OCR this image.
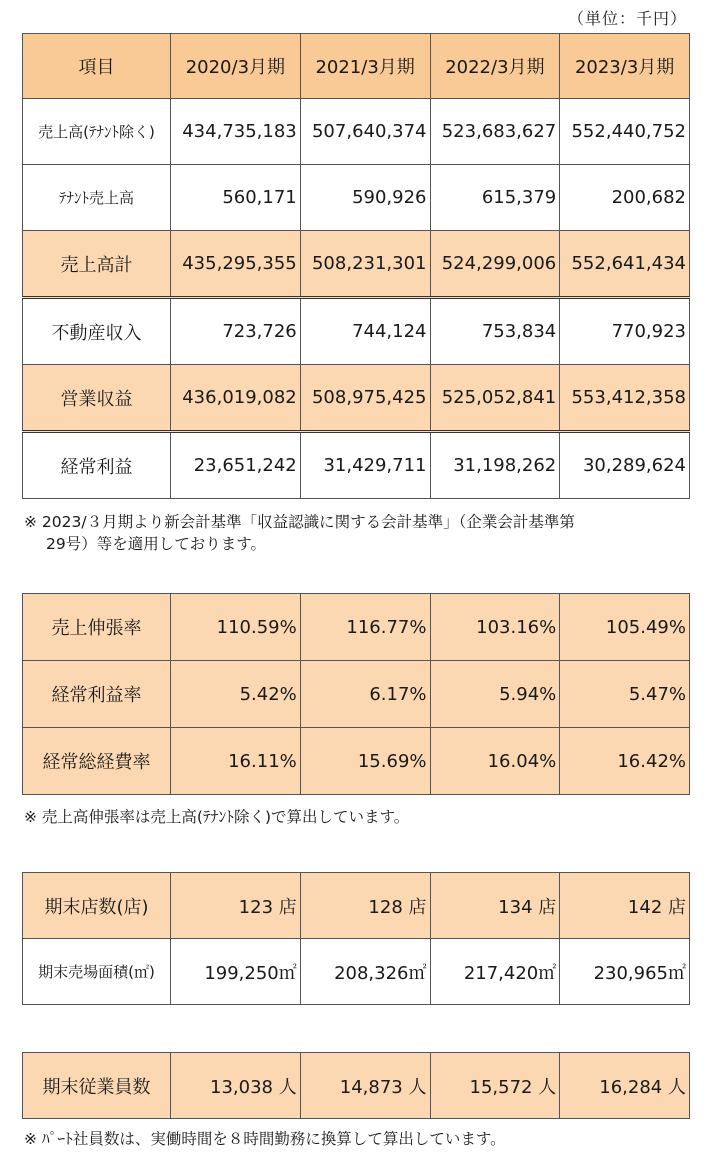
（単位：千円）
項目	2020/3月期	2021/3月期	2022/3月期	2023/3月期
売上高(ﾃﾅﾝﾄ除く)	434,735,183	507,640,374	523,683,627	552,440,752
ﾃﾅﾝﾄ売上高	560,171	590,926	615,379	200,682
売上高計	435,295,355	508,231,301	524,299,006	552,641,434
不動産収入	723,726	744,124	753,834	770,923
営業収益	436,019,082	508,975,425	525,052,841	553,412,358
経常利益	23,651,242	31,429,711	31,198,262	30,289,624
※ 2023/３月期より新会計基準「収益認識に関する会計基準」（企業会計基準第
29号）等を適用しております。
売上伸張率	110.59%	116.77%	103.16%	105.49%
経常利益率	5.42%	6.17%	5.94%	5.47%
経常総経費率	16.11%	15.69%	16.04%	16.42%
※ 売上高伸張率は売上高(ﾃﾅﾝﾄ除く)で算出しています。
期末店数(店)	123 店	128 店	134 店	142 店
期末売場面積(㎡)	199,250㎡	208,326㎡	217,420㎡	230,965㎡
期末従業員数	13,038 人	14,873 人	15,572 人	16,284 人
※ ﾊﾟｰﾄ社員数は、実働時間を８時間勤務に換算して算出しています。
